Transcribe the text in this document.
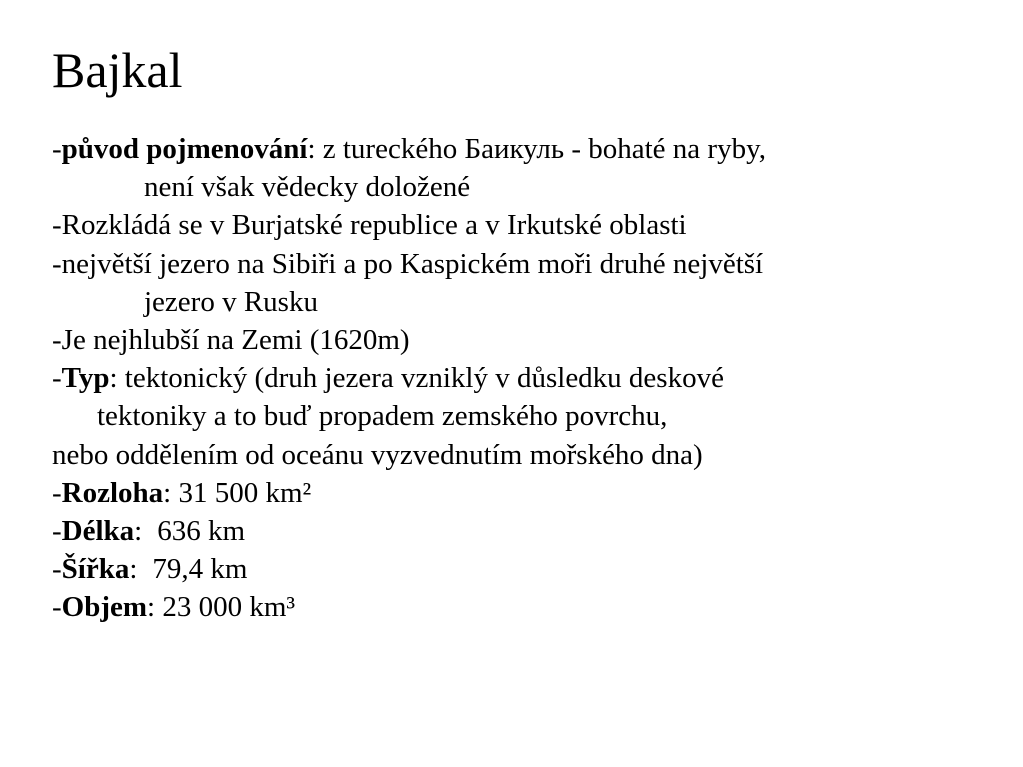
Bajkal
-původ pojmenování: z tureckého Баикуль - bohaté na ryby,
není však vědecky doložené
-Rozkládá se v Burjatské republice a v Irkutské oblasti
-největší jezero na Sibiři a po Kaspickém moři druhé největší
jezero v Rusku
-Je nejhlubší na Zemi (1620m)
-Typ: tektonický (druh jezera vzniklý v důsledku deskové
tektoniky a to buď propadem zemského povrchu,
nebo oddělením od oceánu vyzvednutím mořského dna)
-Rozloha: 31 500 km²
-Délka: 636 km
-Šířka: 79,4 km
-Objem: 23 000 km³
